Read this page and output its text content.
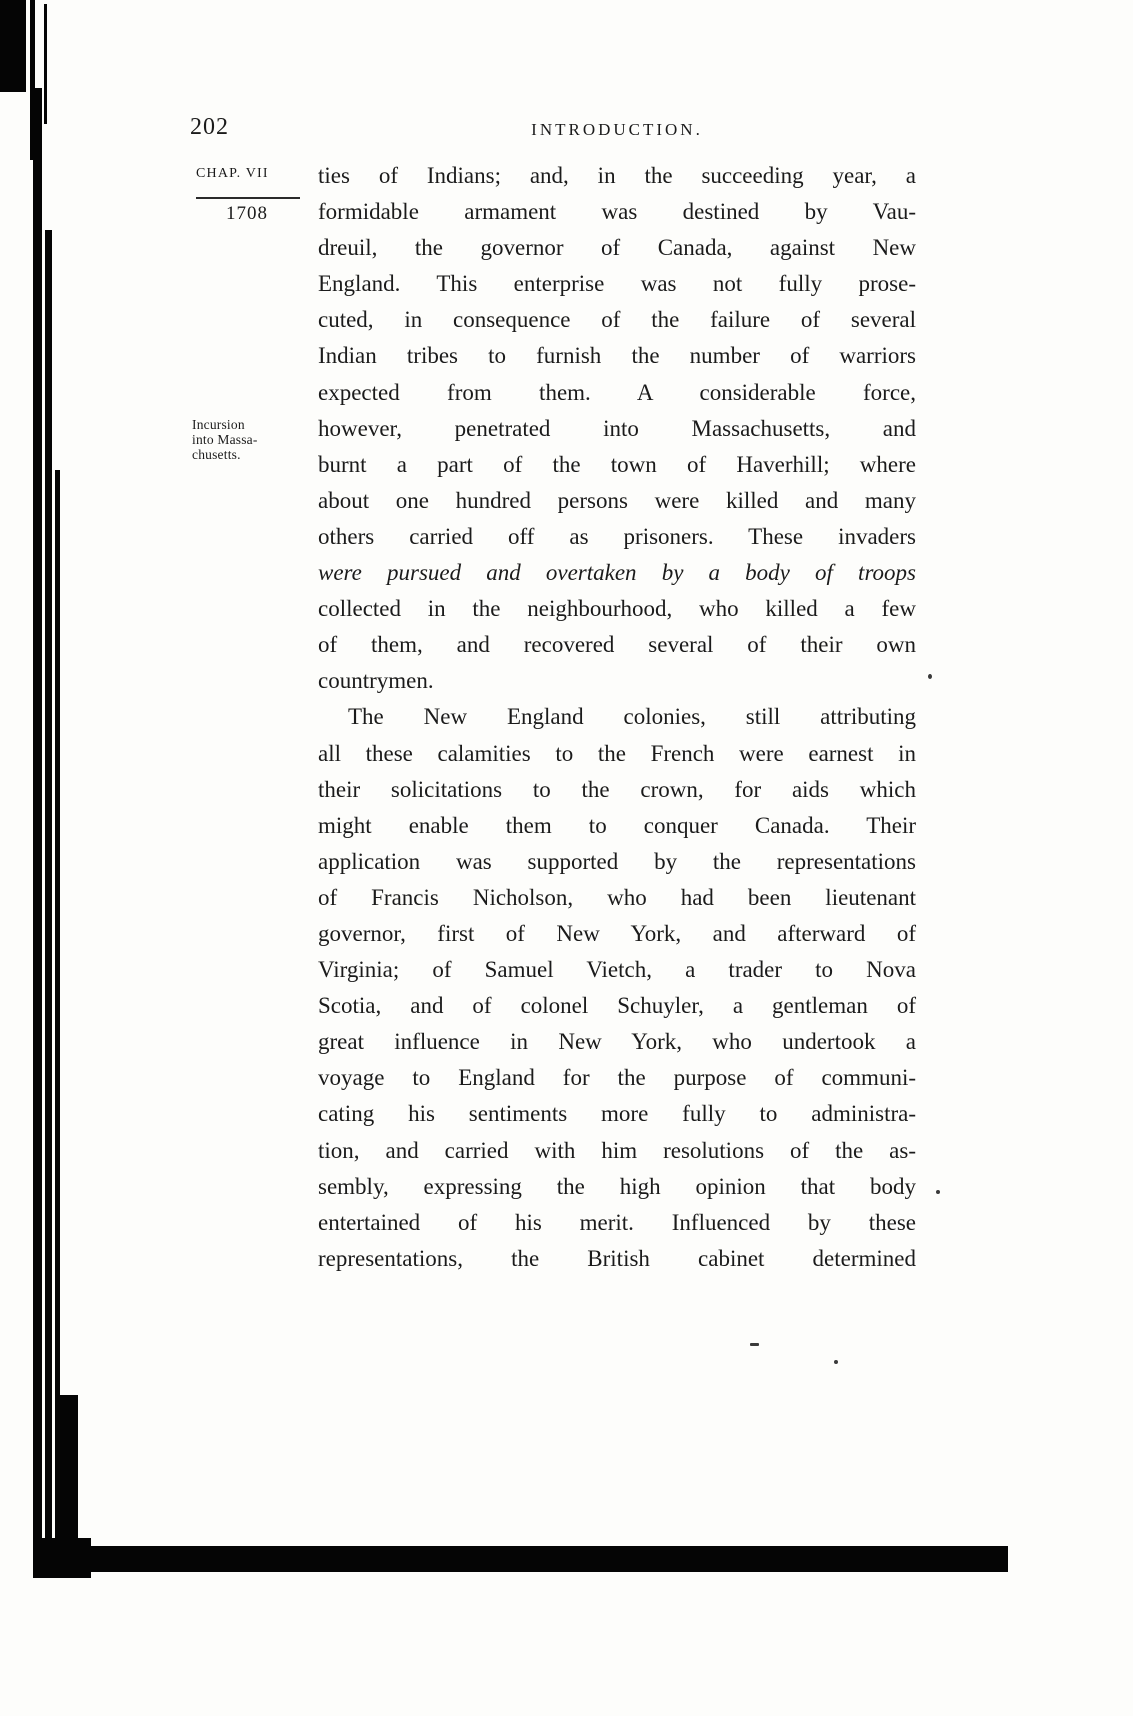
202	INTRODUCTION.
CHAP. VII
1708
Incursion
into Massa-
chusetts.
ties of Indians; and, in the succeeding year, a
formidable armament was destined by Vau-
dreuil, the governor of Canada, against New
England. This enterprise was not fully prose-
cuted, in consequence of the failure of several
Indian tribes to furnish the number of warriors
expected from them. A considerable force,
however, penetrated into Massachusetts, and
burnt a part of the town of Haverhill; where
about one hundred persons were killed and many
others carried off as prisoners. These invaders
were pursued and overtaken by a body of troops
collected in the neighbourhood, who killed a few
of them, and recovered several of their own
countrymen.
The New England colonies, still attributing
all these calamities to the French were earnest in
their solicitations to the crown, for aids which
might enable them to conquer Canada. Their
application was supported by the representations
of Francis Nicholson, who had been lieutenant
governor, first of New York, and afterward of
Virginia; of Samuel Vietch, a trader to Nova
Scotia, and of colonel Schuyler, a gentleman of
great influence in New York, who undertook a
voyage to England for the purpose of communi-
cating his sentiments more fully to administra-
tion, and carried with him resolutions of the as-
sembly, expressing the high opinion that body
entertained of his merit. Influenced by these
representations, the British cabinet determined
